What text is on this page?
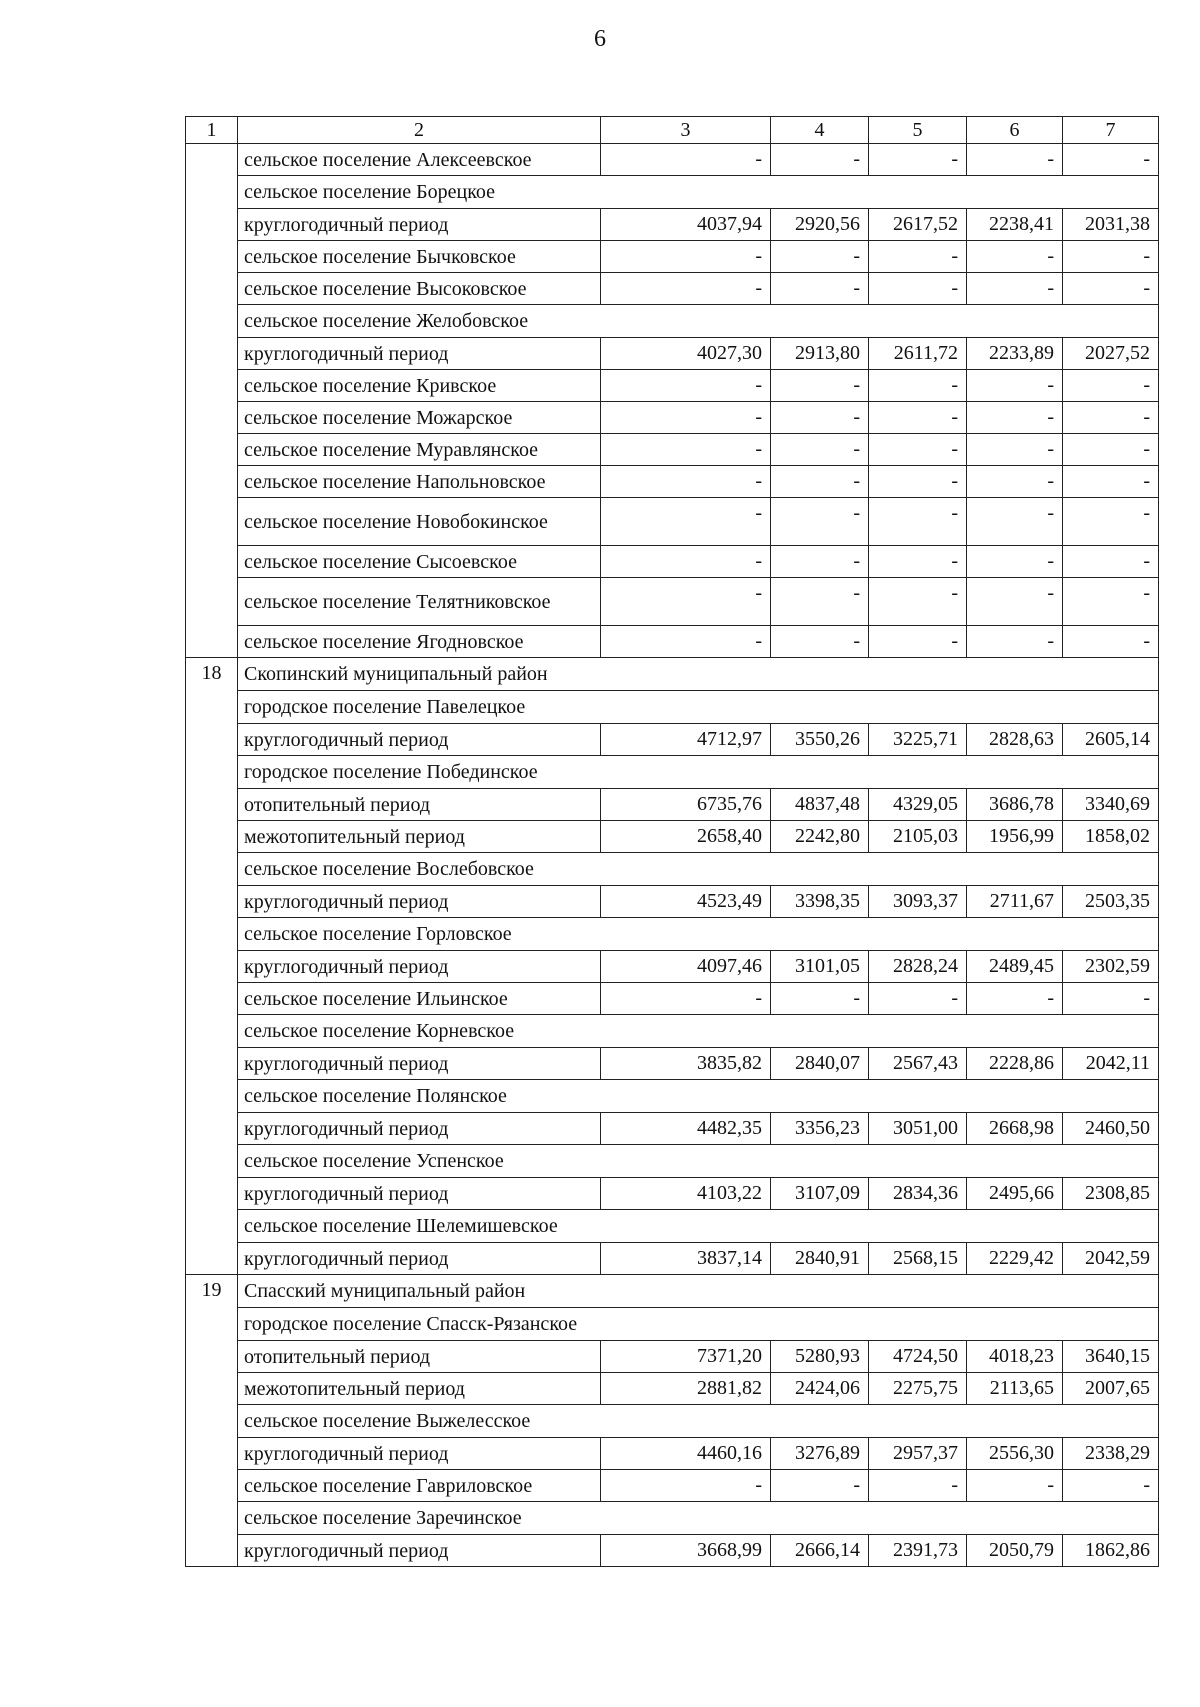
6
1	2	3	4	5	6	7
	сельское поселение Алексеевское	-	-	-	-	-
	сельское поселение Борецкое					
	круглогодичный период	4037,94	2920,56	2617,52	2238,41	2031,38
	сельское поселение Бычковское	-	-	-	-	-
	сельское поселение Высоковское	-	-	-	-	-
	сельское поселение Желобовское					
	круглогодичный период	4027,30	2913,80	2611,72	2233,89	2027,52
	сельское поселение Кривское	-	-	-	-	-
	сельское поселение Можарское	-	-	-	-	-
	сельское поселение Муравлянское	-	-	-	-	-
	сельское поселение Напольновское	-	-	-	-	-
	сельское поселение Новобокинское	-	-	-	-	-
	сельское поселение Сысоевское	-	-	-	-	-
	сельское поселение Телятниковское	-	-	-	-	-
	сельское поселение Ягодновское	-	-	-	-	-
18	Скопинский муниципальный район					
	городское поселение Павелецкое					
	круглогодичный период	4712,97	3550,26	3225,71	2828,63	2605,14
	городское поселение Побединское					
	отопительный период	6735,76	4837,48	4329,05	3686,78	3340,69
	межотопительный период	2658,40	2242,80	2105,03	1956,99	1858,02
	сельское поселение Вослебовское					
	круглогодичный период	4523,49	3398,35	3093,37	2711,67	2503,35
	сельское поселение Горловское					
	круглогодичный период	4097,46	3101,05	2828,24	2489,45	2302,59
	сельское поселение Ильинское	-	-	-	-	-
	сельское поселение Корневское					
	круглогодичный период	3835,82	2840,07	2567,43	2228,86	2042,11
	сельское поселение Полянское					
	круглогодичный период	4482,35	3356,23	3051,00	2668,98	2460,50
	сельское поселение Успенское					
	круглогодичный период	4103,22	3107,09	2834,36	2495,66	2308,85
	сельское поселение Шелемишевское					
	круглогодичный период	3837,14	2840,91	2568,15	2229,42	2042,59
19	Спасский муниципальный район					
	городское поселение Спасск-Рязанское					
	отопительный период	7371,20	5280,93	4724,50	4018,23	3640,15
	межотопительный период	2881,82	2424,06	2275,75	2113,65	2007,65
	сельское поселение Выжелесское					
	круглогодичный период	4460,16	3276,89	2957,37	2556,30	2338,29
	сельское поселение Гавриловское	-	-	-	-	-
	сельское поселение Заречинское					
	круглогодичный период	3668,99	2666,14	2391,73	2050,79	1862,86
